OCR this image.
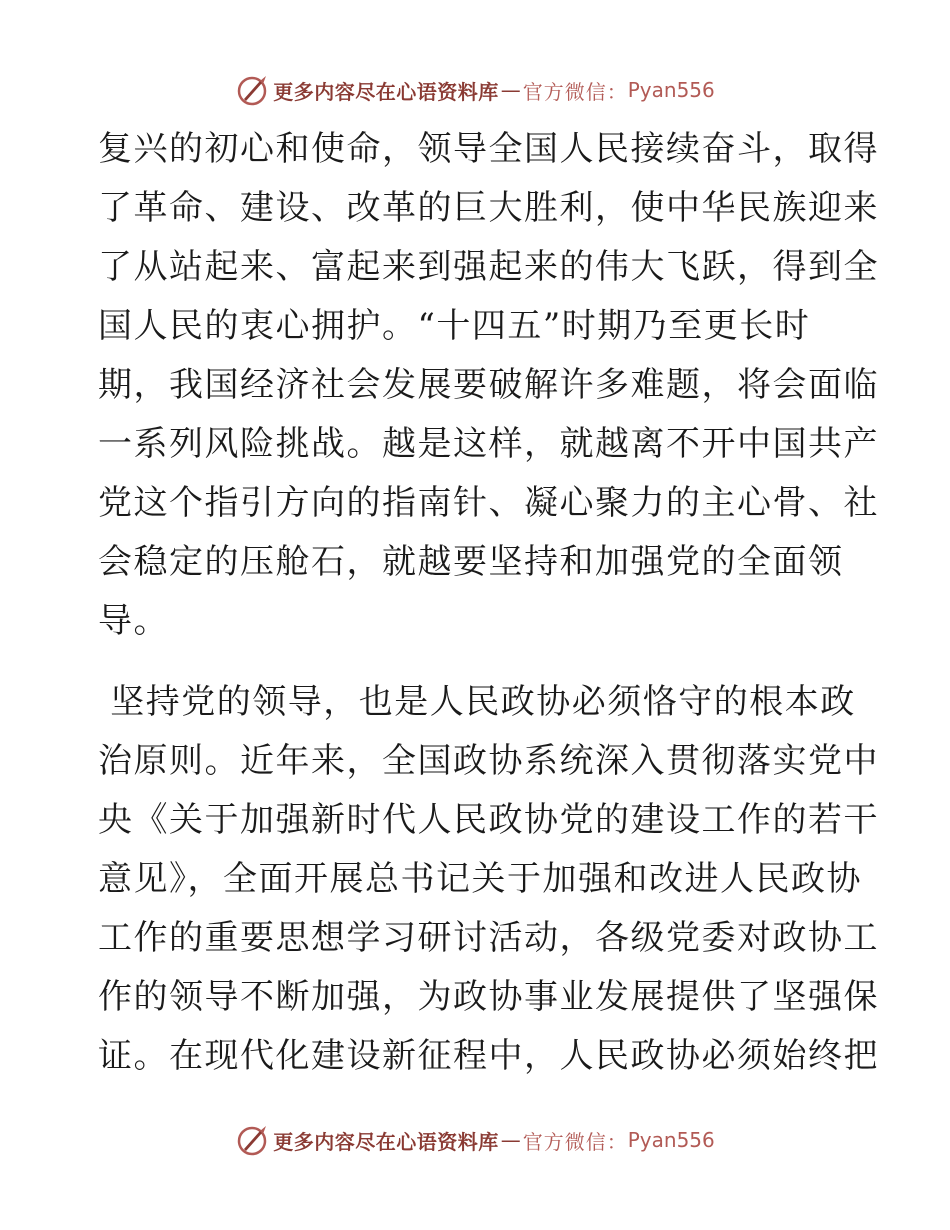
更多内容尽在心语资料库 — 官方微信： Pyan556
复兴的初心和使命，领导全国人民接续奋斗，取得
了革命、建设、改革的巨大胜利，使中华民族迎来
了从站起来、富起来到强起来的伟大飞跃，得到全
国人民的衷心拥护。“十四五”时期乃至更长时
期，我国经济社会发展要破解许多难题，将会面临
一系列风险挑战。越是这样，就越离不开中国共产
党这个指引方向的指南针、凝心聚力的主心骨、社
会稳定的压舱石，就越要坚持和加强党的全面领
导。
坚持党的领导，也是人民政协必须恪守的根本政
治原则。近年来，全国政协系统深入贯彻落实党中
央《关于加强新时代人民政协党的建设工作的若干
意见》，全面开展总书记关于加强和改进人民政协
工作的重要思想学习研讨活动，各级党委对政协工
作的领导不断加强，为政协事业发展提供了坚强保
证。在现代化建设新征程中，人民政协必须始终把
更多内容尽在心语资料库 — 官方微信： Pyan556
